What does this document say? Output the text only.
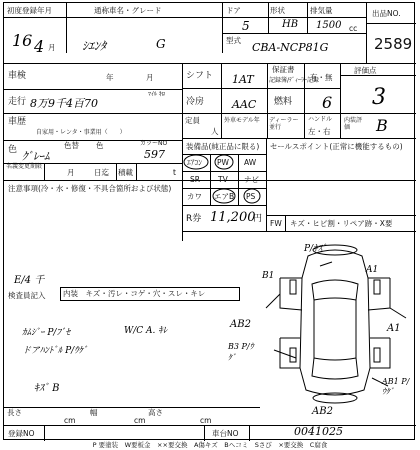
初度登録年月	通称車名・グレード	ドア	形状	排気量	出品NO.
2589
型式
16 4 月 ｼｴﾝﾀ	G
5	HB 1500 cc
CBA-NCP81G
車検	年	月
走行 8万9千4百70
ﾏｲﾙ ｷﾛ
車歴
自家用・レンタ・事業用（　　）
色替 色	カラーNO
色 ｸﾞﾚｰﾑ	597
名義変更期限
月	日迄 積載	t
注意事項(冷・水・修復・不具合箇所および状態)
シフト 1AT
保証書
記録簿/ﾃﾞｨｰﾗｰ記録
有・無
評価点
3
冷房	AAC 燃料 6
定員
人
外車モデル年 ディーラー並行
ハンドル
左・右
内装評価	B
装備品(純正品に限る) セールスポイント(正常に機能するもの)
ｴｱｺﾝ PW AW
SR TV ナビ
カワ エアB PS
R券 11,200
円 FW キズ・ヒビ割・リペア跡・X要
E/4 千
検査員記入 内装　キズ・汚レ・コゲ・穴・スレ・キレ
ｶﾑｼﾞｰ P/ﾌﾞｾ	W/C A. ｷﾚ
ドアﾊﾝﾄﾞﾙ P/ｳｹﾞ
ｷｽﾞ B
P/ｷｽﾞ
B1
A1
AB2	A1
B3 P/ｳｹﾞ
AB1 P/ｳｹﾞ
AB2
長さ
cm
幅
cm
高さ
cm
登録NO	車台NO	0041025
P 要塗装　W要板金　××要交換　A傷キズ　Bへコミ　Sさび　×要交換　C腐食
